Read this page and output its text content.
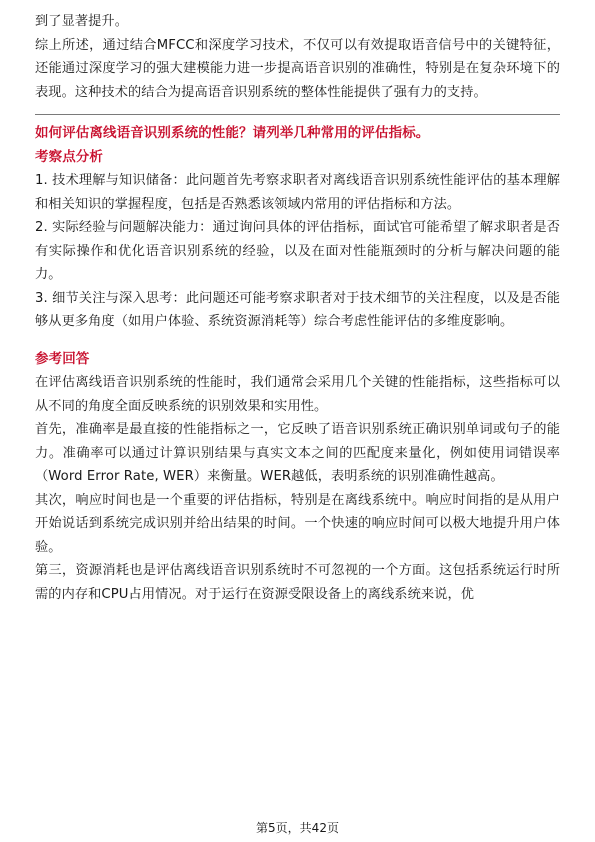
到了显著提升。

综上所述，通过结合MFCC和深度学习技术，不仅可以有效提取语音信号中的关键特征，还能通过深度学习的强大建模能力进一步提高语音识别的准确性，特别是在复杂环境下的表现。这种技术的结合为提高语音识别系统的整体性能提供了强有力的支持。

如何评估离线语音识别系统的性能？请列举几种常用的评估指标。

考察点分析

1. 技术理解与知识储备：此问题首先考察求职者对离线语音识别系统性能评估的基本理解和相关知识的掌握程度，包括是否熟悉该领域内常用的评估指标和方法。

2. 实际经验与问题解决能力：通过询问具体的评估指标，面试官可能希望了解求职者是否有实际操作和优化语音识别系统的经验，以及在面对性能瓶颈时的分析与解决问题的能力。

3. 细节关注与深入思考：此问题还可能考察求职者对于技术细节的关注程度，以及是否能够从更多角度（如用户体验、系统资源消耗等）综合考虑性能评估的多维度影响。

参考回答

在评估离线语音识别系统的性能时，我们通常会采用几个关键的性能指标，这些指标可以从不同的角度全面反映系统的识别效果和实用性。

首先，准确率是最直接的性能指标之一，它反映了语音识别系统正确识别单词或句子的能力。准确率可以通过计算识别结果与真实文本之间的匹配度来量化，例如使用词错误率（Word Error Rate, WER）来衡量。WER越低，表明系统的识别准确性越高。

其次，响应时间也是一个重要的评估指标，特别是在离线系统中。响应时间指的是从用户开始说话到系统完成识别并给出结果的时间。一个快速的响应时间可以极大地提升用户体验。

第三，资源消耗也是评估离线语音识别系统时不可忽视的一个方面。这包括系统运行时所需的内存和CPU占用情况。对于运行在资源受限设备上的离线系统来说，优

第5页，共42页
